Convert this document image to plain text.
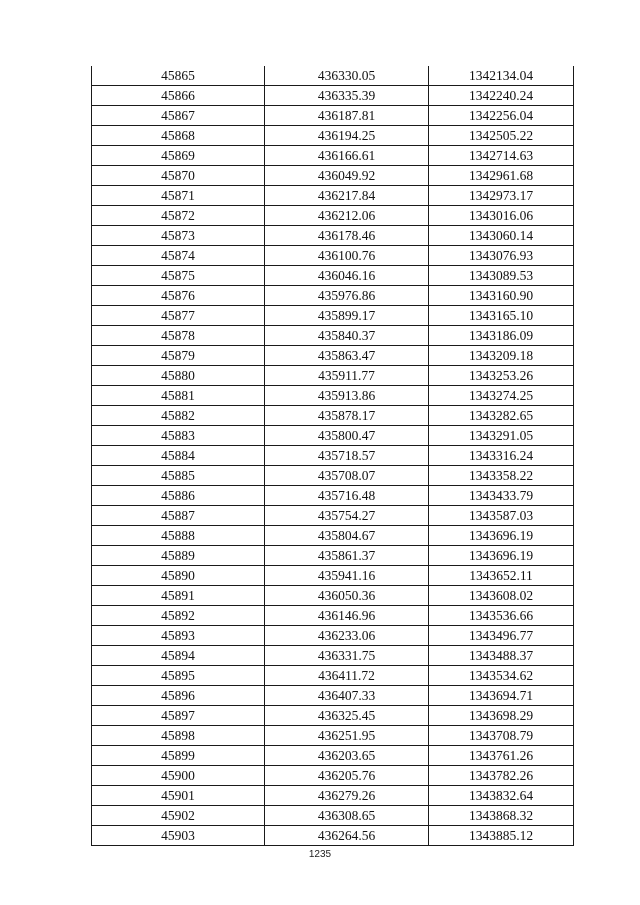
45865	436330.05	1342134.04
45866	436335.39	1342240.24
45867	436187.81	1342256.04
45868	436194.25	1342505.22
45869	436166.61	1342714.63
45870	436049.92	1342961.68
45871	436217.84	1342973.17
45872	436212.06	1343016.06
45873	436178.46	1343060.14
45874	436100.76	1343076.93
45875	436046.16	1343089.53
45876	435976.86	1343160.90
45877	435899.17	1343165.10
45878	435840.37	1343186.09
45879	435863.47	1343209.18
45880	435911.77	1343253.26
45881	435913.86	1343274.25
45882	435878.17	1343282.65
45883	435800.47	1343291.05
45884	435718.57	1343316.24
45885	435708.07	1343358.22
45886	435716.48	1343433.79
45887	435754.27	1343587.03
45888	435804.67	1343696.19
45889	435861.37	1343696.19
45890	435941.16	1343652.11
45891	436050.36	1343608.02
45892	436146.96	1343536.66
45893	436233.06	1343496.77
45894	436331.75	1343488.37
45895	436411.72	1343534.62
45896	436407.33	1343694.71
45897	436325.45	1343698.29
45898	436251.95	1343708.79
45899	436203.65	1343761.26
45900	436205.76	1343782.26
45901	436279.26	1343832.64
45902	436308.65	1343868.32
45903	436264.56	1343885.12
1235
